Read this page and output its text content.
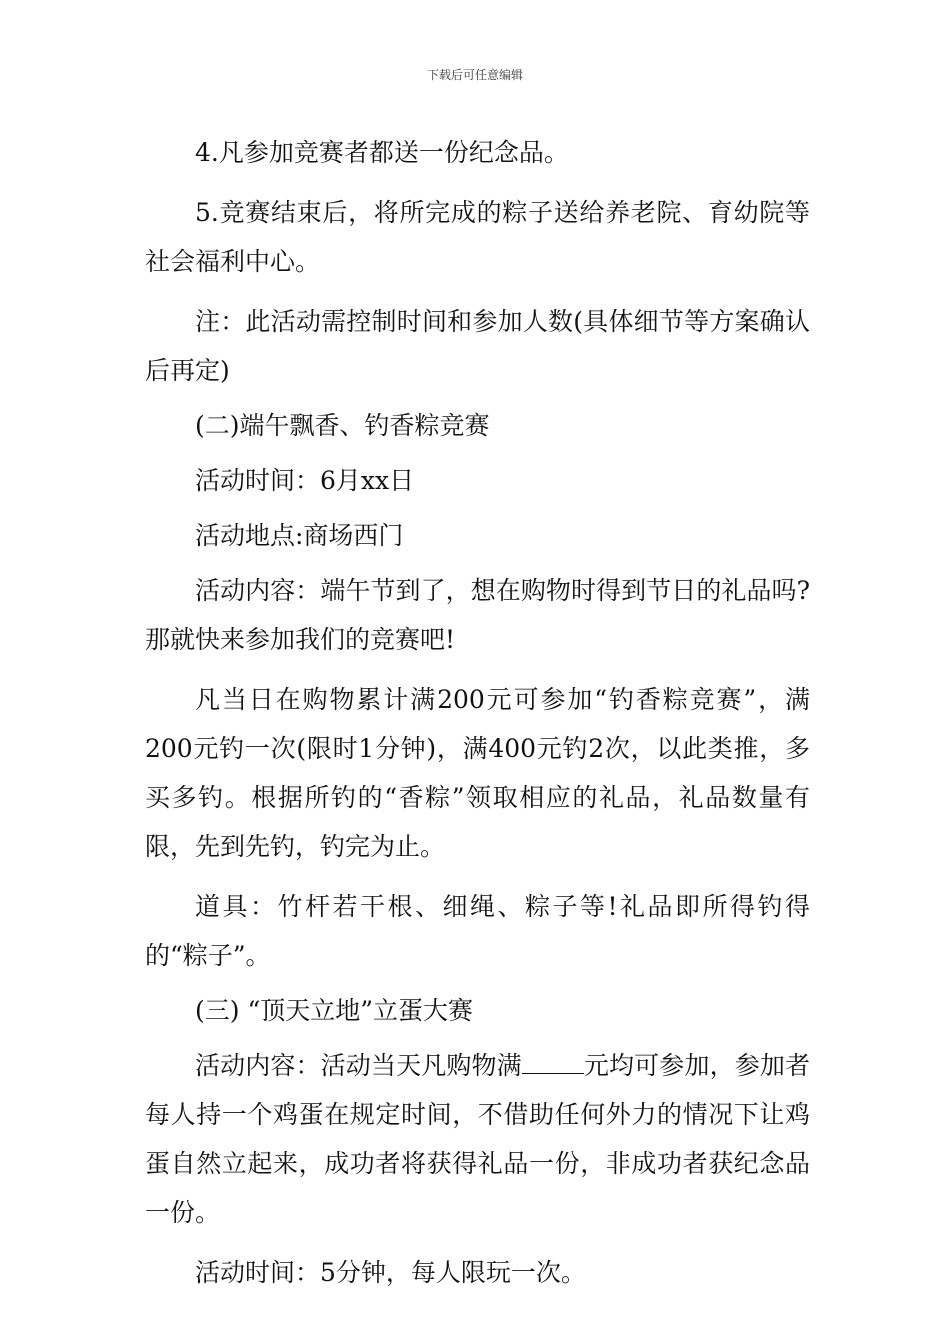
下载后可任意编辑

4.凡参加竞赛者都送一份纪念品。

5.竞赛结束后，将所完成的粽子送给养老院、育幼院等社会福利中心。

注：此活动需控制时间和参加人数(具体细节等方案确认后再定)

(二)端午飘香、钓香粽竞赛

活动时间：6月xx日

活动地点:商场西门

活动内容：端午节到了，想在购物时得到节日的礼品吗?那就快来参加我们的竞赛吧!

凡当日在购物累计满200元可参加“钓香粽竞赛”，满200元钓一次(限时1分钟)，满400元钓2次，以此类推，多买多钓。根据所钓的“香粽”领取相应的礼品，礼品数量有限，先到先钓，钓完为止。

道具：竹杆若干根、细绳、粽子等!礼品即所得钓得的“粽子”。

(三) “顶天立地”立蛋大赛

活动内容：活动当天凡购物满 元均可参加，参加者每人持一个鸡蛋在规定时间，不借助任何外力的情况下让鸡蛋自然立起来，成功者将获得礼品一份，非成功者获纪念品一份。

活动时间：5分钟，每人限玩一次。
